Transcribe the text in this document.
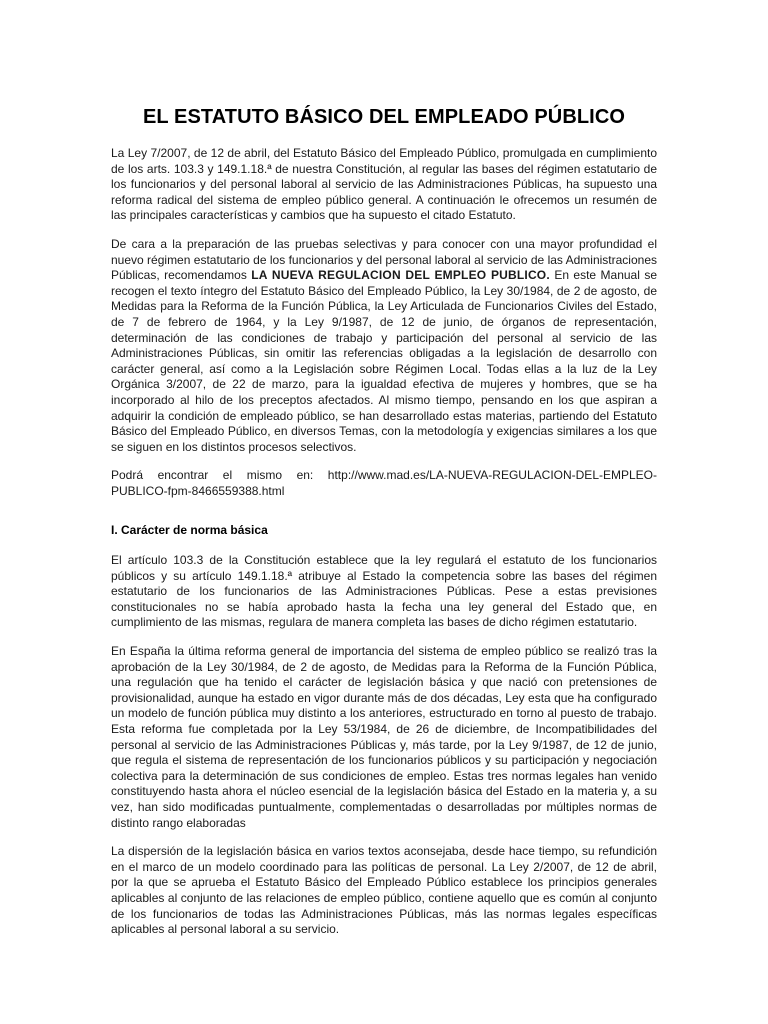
EL ESTATUTO BÁSICO DEL EMPLEADO PÚBLICO

La Ley 7/2007, de 12 de abril, del Estatuto Básico del Empleado Público, promulgada en cumplimiento de los arts. 103.3 y 149.1.18.ª de nuestra Constitución, al regular las bases del régimen estatutario de los funcionarios y del personal laboral al servicio de las Administraciones Públicas, ha supuesto una reforma radical del sistema de empleo público general. A continuación le ofrecemos un resumén de las principales características y cambios que ha supuesto el citado Estatuto.

De cara a la preparación de las pruebas selectivas y para conocer con una mayor profundidad el nuevo régimen estatutario de los funcionarios y del personal laboral al servicio de las Administraciones Públicas, recomendamos LA NUEVA REGULACION DEL EMPLEO PUBLICO. En este Manual se recogen el texto íntegro del Estatuto Básico del Empleado Público, la Ley 30/1984, de 2 de agosto, de Medidas para la Reforma de la Función Pública, la Ley Articulada de Funcionarios Civiles del Estado, de 7 de febrero de 1964, y la Ley 9/1987, de 12 de junio, de órganos de representación, determinación de las condiciones de trabajo y participación del personal al servicio de las Administraciones Públicas, sin omitir las referencias obligadas a la legislación de desarrollo con carácter general, así como a la Legislación sobre Régimen Local. Todas ellas a la luz de la Ley Orgánica 3/2007, de 22 de marzo, para la igualdad efectiva de mujeres y hombres, que se ha incorporado al hilo de los preceptos afectados. Al mismo tiempo, pensando en los que aspiran a adquirir la condición de empleado público, se han desarrollado estas materias, partiendo del Estatuto Básico del Empleado Público, en diversos Temas, con la metodología y exigencias similares a los que se siguen en los distintos procesos selectivos.

Podrá encontrar el mismo en: http://www.mad.es/LA-NUEVA-REGULACION-DEL-EMPLEO-PUBLICO-fpm-8466559388.html

I. Carácter de norma básica

El artículo 103.3 de la Constitución establece que la ley regulará el estatuto de los funcionarios públicos y su artículo 149.1.18.ª atribuye al Estado la competencia sobre las bases del régimen estatutario de los funcionarios de las Administraciones Públicas. Pese a estas previsiones constitucionales no se había aprobado hasta la fecha una ley general del Estado que, en cumplimiento de las mismas, regulara de manera completa las bases de dicho régimen estatutario.

En España la última reforma general de importancia del sistema de empleo público se realizó tras la aprobación de la Ley 30/1984, de 2 de agosto, de Medidas para la Reforma de la Función Pública, una regulación que ha tenido el carácter de legislación básica y que nació con pretensiones de provisionalidad, aunque ha estado en vigor durante más de dos décadas, Ley esta que ha configurado un modelo de función pública muy distinto a los anteriores, estructurado en torno al puesto de trabajo. Esta reforma fue completada por la Ley 53/1984, de 26 de diciembre, de Incompatibilidades del personal al servicio de las Administraciones Públicas y, más tarde, por la Ley 9/1987, de 12 de junio, que regula el sistema de representación de los funcionarios públicos y su participación y negociación colectiva para la determinación de sus condiciones de empleo. Estas tres normas legales han venido constituyendo hasta ahora el núcleo esencial de la legislación básica del Estado en la materia y, a su vez, han sido modificadas puntualmente, complementadas o desarrolladas por múltiples normas de distinto rango elaboradas

La dispersión de la legislación básica en varios textos aconsejaba, desde hace tiempo, su refundición en el marco de un modelo coordinado para las políticas de personal. La Ley 2/2007, de 12 de abril, por la que se aprueba el Estatuto Básico del Empleado Público establece los principios generales aplicables al conjunto de las relaciones de empleo público, contiene aquello que es común al conjunto de los funcionarios de todas las Administraciones Públicas, más las normas legales específicas aplicables al personal laboral a su servicio.
